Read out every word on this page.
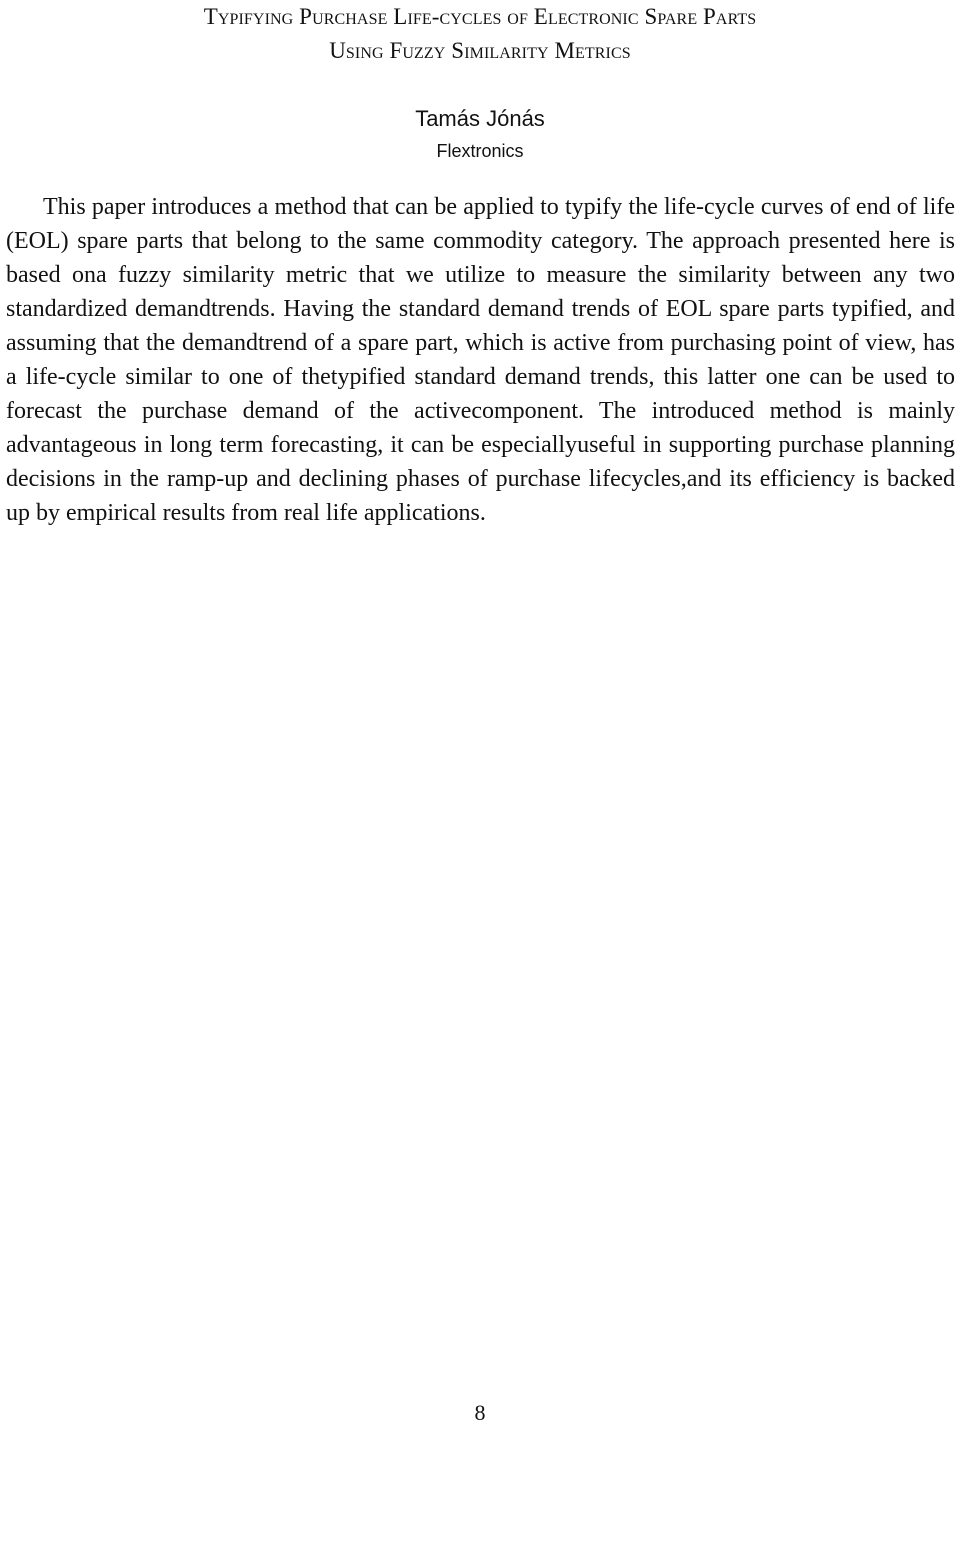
Typifying Purchase Life-cycles of Electronic Spare Parts
Using Fuzzy Similarity Metrics
Tamás Jónás
Flextronics

This paper introduces a method that can be applied to typify the life-cycle curves of end of life (EOL) spare parts that belong to the same commodity category. The approach presented here is based ona fuzzy similarity metric that we utilize to measure the similarity between any two standardized demandtrends. Having the standard demand trends of EOL spare parts typified, and assuming that the demandtrend of a spare part, which is active from purchasing point of view, has a life-cycle similar to one of thetypified standard demand trends, this latter one can be used to forecast the purchase demand of the activecomponent. The introduced method is mainly advantageous in long term forecasting, it can be especiallyuseful in supporting purchase planning decisions in the ramp-up and declining phases of purchase lifecycles,and its efficiency is backed up by empirical results from real life applications.

8
